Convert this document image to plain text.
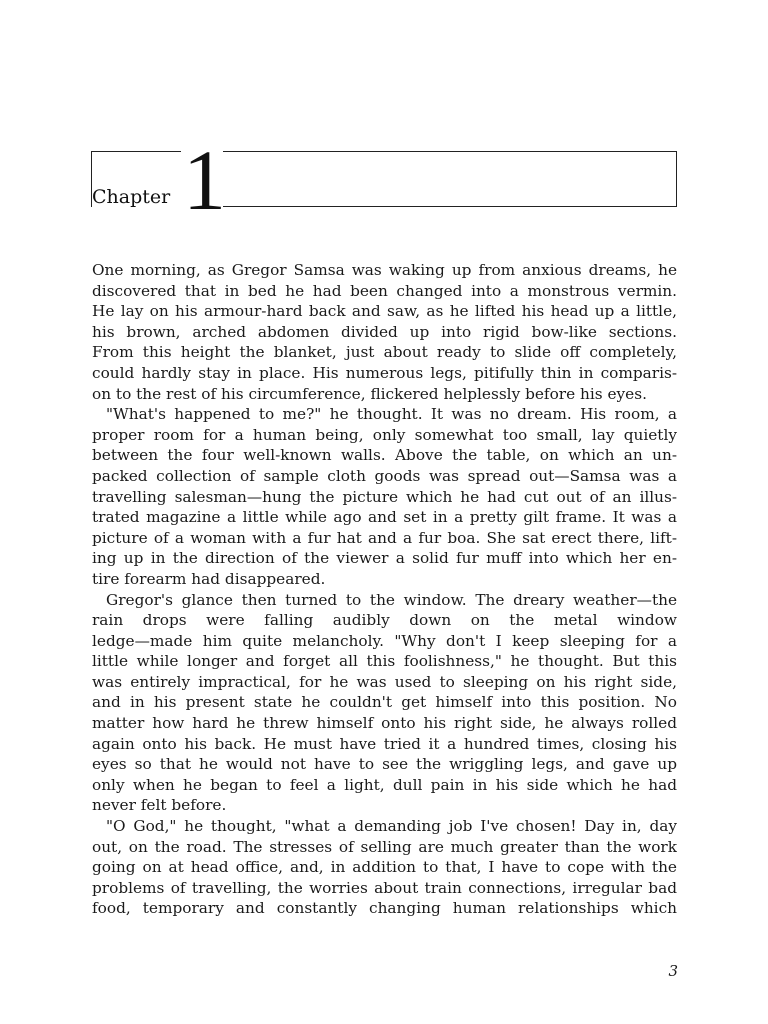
Chapter 1
One morning, as Gregor Samsa was waking up from anxious dreams, he
discovered that in bed he had been changed into a monstrous vermin.
He lay on his armour-hard back and saw, as he lifted his head up a little,
his brown, arched abdomen divided up into rigid bow-like sections.
From this height the blanket, just about ready to slide off completely,
could hardly stay in place. His numerous legs, pitifully thin in comparis-
on to the rest of his circumference, flickered helplessly before his eyes.
"What's happened to me?" he thought. It was no dream. His room, a
proper room for a human being, only somewhat too small, lay quietly
between the four well-known walls. Above the table, on which an un-
packed collection of sample cloth goods was spread out—Samsa was a
travelling salesman—hung the picture which he had cut out of an illus-
trated magazine a little while ago and set in a pretty gilt frame. It was a
picture of a woman with a fur hat and a fur boa. She sat erect there, lift-
ing up in the direction of the viewer a solid fur muff into which her en-
tire forearm had disappeared.
Gregor's glance then turned to the window. The dreary weather—the
rain drops were falling audibly down on the metal window
ledge—made him quite melancholy. "Why don't I keep sleeping for a
little while longer and forget all this foolishness," he thought. But this
was entirely impractical, for he was used to sleeping on his right side,
and in his present state he couldn't get himself into this position. No
matter how hard he threw himself onto his right side, he always rolled
again onto his back. He must have tried it a hundred times, closing his
eyes so that he would not have to see the wriggling legs, and gave up
only when he began to feel a light, dull pain in his side which he had
never felt before.
"O God," he thought, "what a demanding job I've chosen! Day in, day
out, on the road. The stresses of selling are much greater than the work
going on at head office, and, in addition to that, I have to cope with the
problems of travelling, the worries about train connections, irregular bad
food, temporary and constantly changing human relationships which
3
